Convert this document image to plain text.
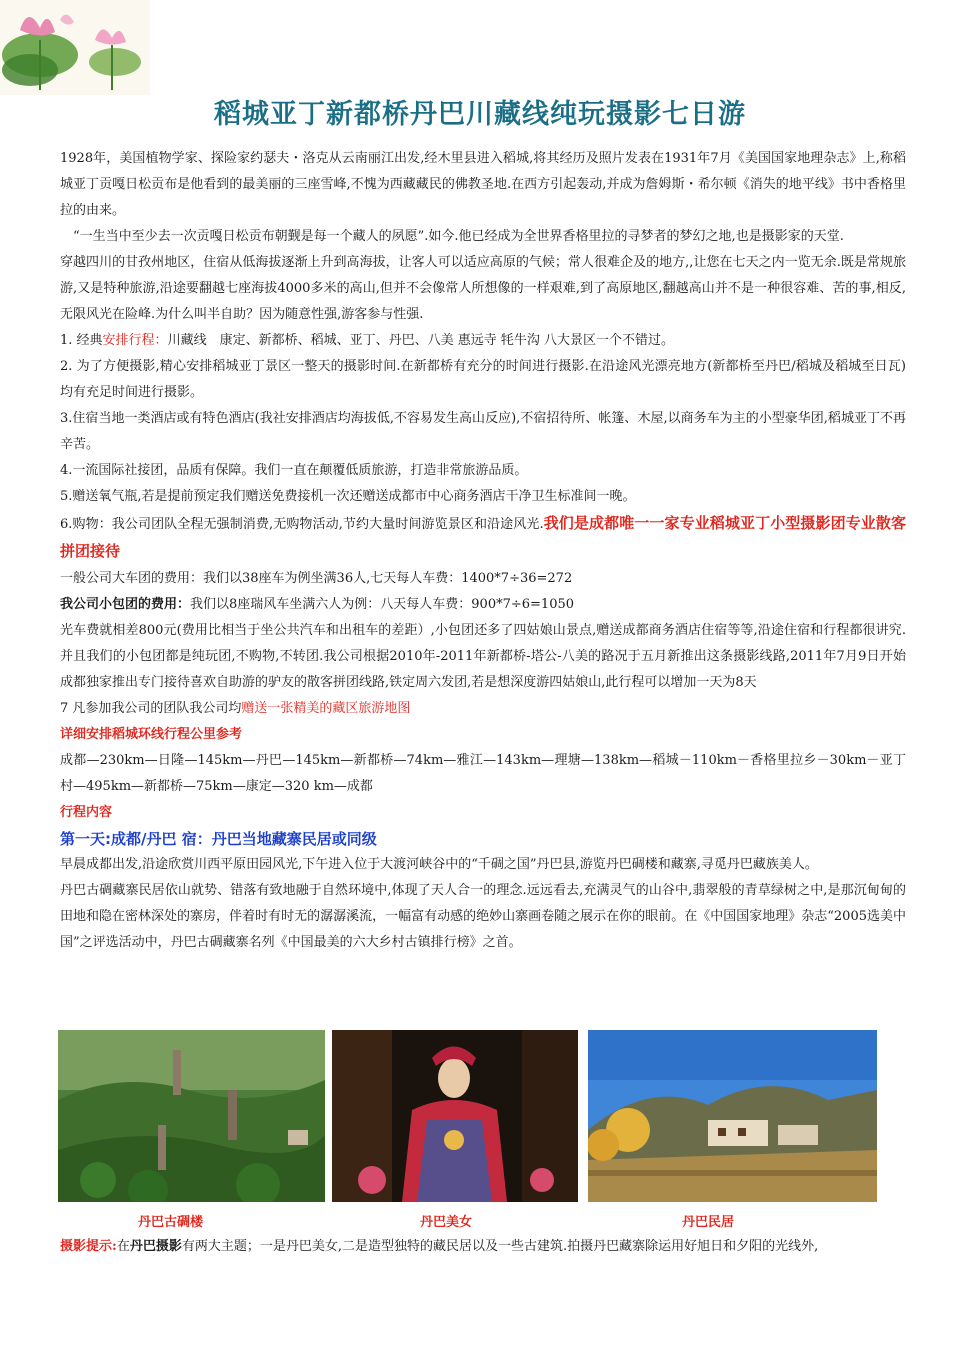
稻城亚丁新都桥丹巴川藏线纯玩摄影七日游

1928年，美国植物学家、探险家约瑟夫・洛克从云南丽江出发,经木里县进入稻城,将其经历及照片发表在1931年7月《美国国家地理杂志》上,称稻城亚丁贡嘎日松贡布是他看到的最美丽的三座雪峰,不愧为西藏藏民的佛教圣地.在西方引起轰动,并成为詹姆斯・希尔顿《消失的地平线》书中香格里拉的由来。

“一生当中至少去一次贡嘎日松贡布朝觐是每一个藏人的夙愿”.如今.他已经成为全世界香格里拉的寻梦者的梦幻之地,也是摄影家的天堂.

穿越四川的甘孜州地区，住宿从低海拔逐渐上升到高海拔，让客人可以适应高原的气候；常人很难企及的地方,,让您在七天之内一览无余.既是常规旅游,又是特种旅游,沿途要翻越七座海拔4000多米的高山,但并不会像常人所想像的一样艰难,到了高原地区,翻越高山并不是一种很容难、苦的事,相反,无限风光在险峰.为什么叫半自助？因为随意性强,游客参与性强.

1. 经典安排行程：川藏线　康定、新都桥、稻城、亚丁、丹巴、八美 惠远寺 牦牛沟 八大景区一个不错过。

2. 为了方便摄影,精心安排稻城亚丁景区一整天的摄影时间.在新都桥有充分的时间进行摄影.在沿途风光漂亮地方(新都桥至丹巴/稻城及稻城至日瓦)均有充足时间进行摄影。

3.住宿当地一类酒店或有特色酒店(我社安排酒店均海拔低,不容易发生高山反应),不宿招待所、帐篷、木屋,以商务车为主的小型豪华团,稻城亚丁不再辛苦。

4.一流国际社接团，品质有保障。我们一直在颠覆低质旅游，打造非常旅游品质。

5.赠送氧气瓶,若是提前预定我们赠送免费接机一次还赠送成都市中心商务酒店干净卫生标准间一晚。

6.购物：我公司团队全程无强制消费,无购物活动,节约大量时间游览景区和沿途风光.我们是成都唯一一家专业稻城亚丁小型摄影团专业散客拼团接待

一般公司大车团的费用：我们以38座车为例坐满36人,七天每人车费：1400*7÷36=272

我公司小包团的费用：我们以8座瑞风车坐满六人为例：八天每人车费：900*7÷6=1050

光车费就相差800元(费用比相当于坐公共汽车和出租车的差距）,小包团还多了四姑娘山景点,赠送成都商务酒店住宿等等,沿途住宿和行程都很讲究.并且我们的小包团都是纯玩团,不购物,不转团.我公司根据2010年-2011年新都桥-塔公-八美的路况于五月新推出这条摄影线路,2011年7月9日开始成都独家推出专门接待喜欢自助游的驴友的散客拼团线路,铁定周六发团,若是想深度游四姑娘山,此行程可以增加一天为8天

7 凡参加我公司的团队我公司均赠送一张精美的藏区旅游地图

详细安排稻城环线行程公里参考

成都—230km—日隆—145km—丹巴—145km—新都桥—74km—雅江—143km—理塘—138km—稻城－110km－香格里拉乡－30km－亚丁村—495km—新都桥—75km—康定—320 km—成都

行程内容

第一天:成都/丹巴 宿：丹巴当地藏寨民居或同级

早晨成都出发,沿途欣赏川西平原田园风光,下午进入位于大渡河峡谷中的“千碉之国”丹巴县,游览丹巴碉楼和藏寨,寻觅丹巴藏族美人。

丹巴古碉藏寨民居依山就势、错落有致地融于自然环境中,体现了天人合一的理念.远远看去,充满灵气的山谷中,翡翠般的青草绿树之中,是那沉甸甸的田地和隐在密林深处的寨房，伴着时有时无的潺潺溪流，一幅富有动感的绝妙山寨画卷随之展示在你的眼前。在《中国国家地理》杂志“2005选美中国”之评选活动中，丹巴古碉藏寨名列《中国最美的六大乡村古镇排行榜》之首。

丹巴古碉楼	丹巴美女	丹巴民居
摄影提示:在丹巴摄影有两大主题；一是丹巴美女,二是造型独特的藏民居以及一些古建筑.拍摄丹巴藏寨除运用好旭日和夕阳的光线外,
